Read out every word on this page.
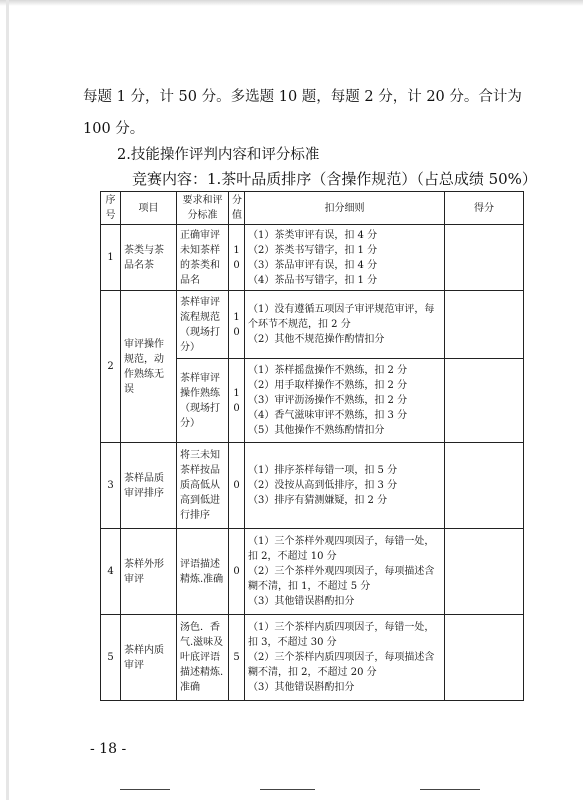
每题 1 分，计 50 分。多选题 10 题，每题 2 分，计 20 分。合计为
100 分。
2.技能操作评判内容和评分标准
竞赛内容：1.茶叶品质排序（含操作规范）（占总成绩 50%）
序号	项目	要求和评分标准	分值	扣分细则	得分
1	茶类与茶品名茶	正确审评未知茶样的茶类和品名	10	（1）茶类审评有误，扣 4 分
（2）茶类书写错字，扣 1 分
（3）茶品审评有误，扣 4 分
（4）茶品书写错字，扣 1 分	

2	审评操作规范，动作熟练无误	茶样审评流程规范（现场打分）	10	（1）没有遵循五项因子审评规范审评，每个环节不规范，扣 2 分
（2）其他不规范操作酌情扣分	

		茶样审评操作熟练（现场打分）	10	（1）茶样摇盘操作不熟练，扣 2 分
（2）用手取样操作不熟练，扣 2 分
（3）审评沥汤操作不熟练，扣 2 分
（4）香气滋味审评不熟练，扣 3 分
（5）其他操作不熟练酌情扣分	

3	茶样品质审评排序	将三未知茶样按品质高低从高到低进行排序	0	（1）排序茶样每错一项，扣 5 分
（2）没按从高到低排序，扣 3 分
（3）排序有猜测嫌疑，扣 2 分	

4	茶样外形审评	评语描述精炼.准确	0	（1）三个茶样外观四项因子，每错一处，扣 2，不超过 10 分
（2）三个茶样外观四项因子，每项描述含糊不清，扣 1，不超过 5 分
（3）其他错误斟酌扣分	

5	茶样内质审评	汤色．香气.滋味及叶底评语描述精炼.准确	5	（1）三个茶样内质四项因子，每错一处，扣 3，不超过 30 分
（2）三个茶样内质四项因子，每项描述含糊不清，扣 2，不超过 20 分
（3）其他错误斟酌扣分	

- 18 -
